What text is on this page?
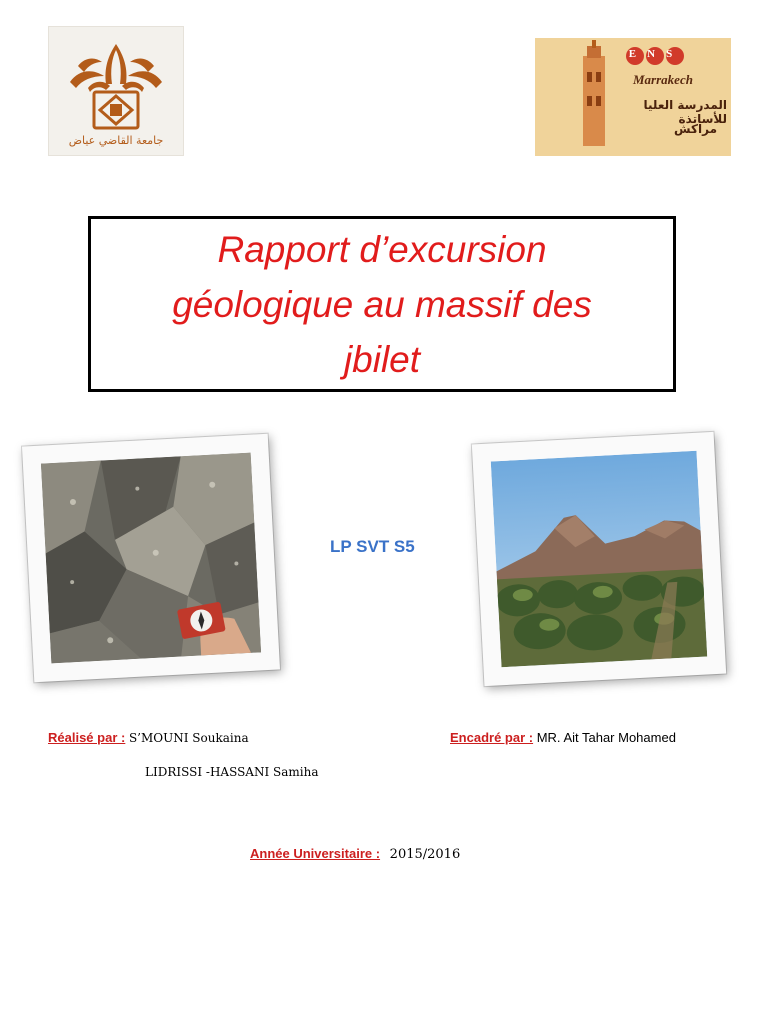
جامعة القاضي عياض
ENS
Marrakech
المدرسة العليا للأساتذة
مراكش

Rapport d’excursion
géologique au massif des
jbilet

LP SVT S5
Réalisé par : S’MOUNI Soukaina
LIDRISSI -HASSANI Samiha
Encadré par : MR. Ait Tahar Mohamed
Année Universitaire : 2015/2016
